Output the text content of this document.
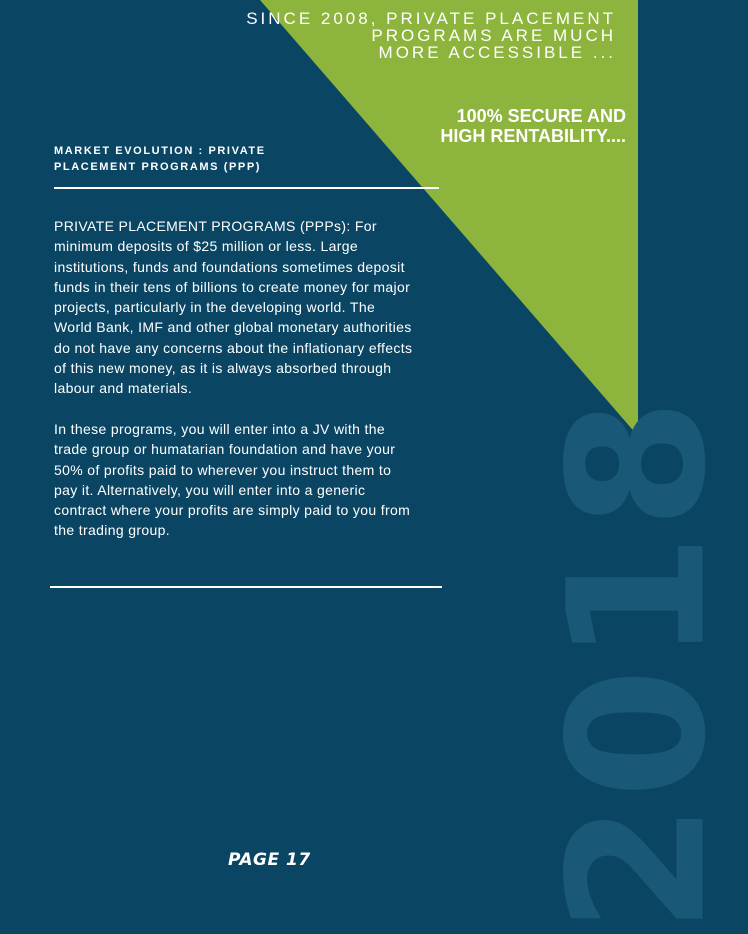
2018
SINCE 2008, PRIVATE PLACEMENT
PROGRAMS ARE MUCH
MORE ACCESSIBLE ...
100% SECURE AND
HIGH RENTABILITY....
MARKET EVOLUTION : PRIVATE
PLACEMENT PROGRAMS (PPP)
PRIVATE PLACEMENT PROGRAMS (PPPs): For
minimum deposits of $25 million or less. Large
institutions, funds and foundations sometimes deposit
funds in their tens of billions to create money for major
projects, particularly in the developing world. The
World Bank, IMF and other global monetary authorities
do not have any concerns about the inflationary effects
of this new money, as it is always absorbed through
labour and materials.
In these programs, you will enter into a JV with the
trade group or humatarian foundation and have your
50% of profits paid to wherever you instruct them to
pay it. Alternatively, you will enter into a generic
contract where your profits are simply paid to you from
the trading group.
PAGE 17
